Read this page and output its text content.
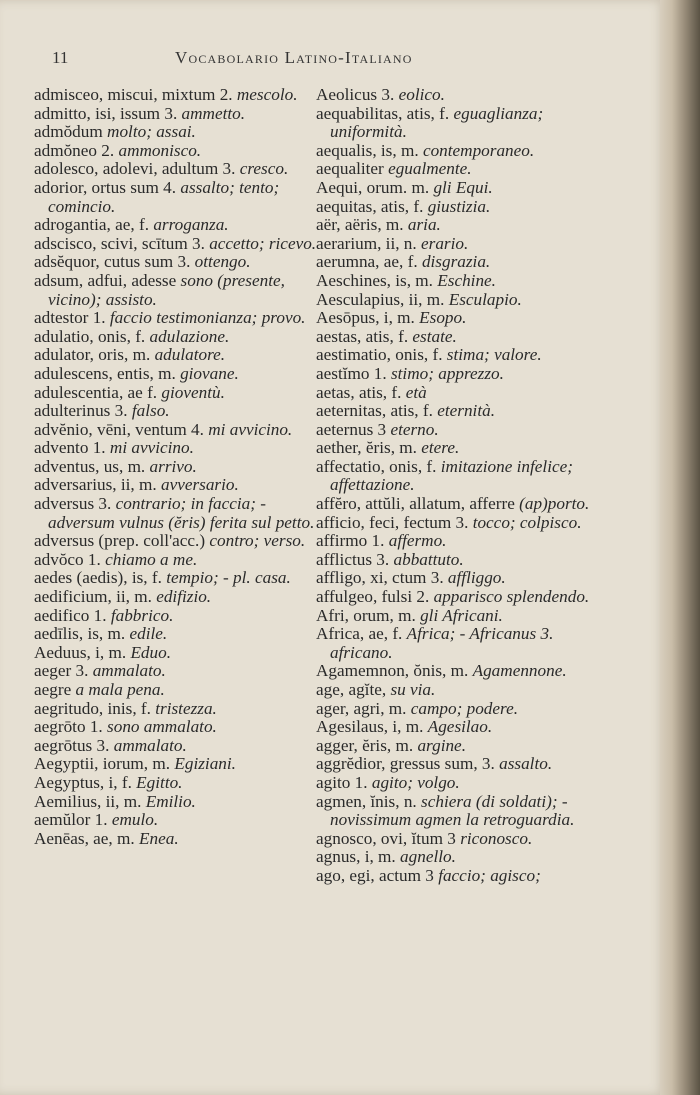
11	Vocabolario Latino-Italiano
admisceo, miscui, mixtum 2. mescolo.
admitto, isi, issum 3. ammetto.
admŏdum molto; assai.
admŏneo 2. ammonisco.
adolesco, adolevi, adultum 3. cresco.
adorior, ortus sum 4. assalto; tento; comincio.
adrogantia, ae, f. arroganza.
adscisco, scivi, scītum 3. accetto; ricevo.
adsĕquor, cutus sum 3. ottengo.
adsum, adfui, adesse sono (presente, vicino); assisto.
adtestor 1. faccio testimonianza; provo.
adulatio, onis, f. adulazione.
adulator, oris, m. adulatore.
adulescens, entis, m. giovane.
adulescentia, ae f. gioventù.
adulterinus 3. falso.
advĕnio, vēni, ventum 4. mi avvicino.
advento 1. mi avvicino.
adventus, us, m. arrivo.
adversarius, ii, m. avversario.
adversus 3. contrario; in faccia; - adversum vulnus (ĕris) ferita sul petto.
adversus (prep. coll'acc.) contro; verso.
advŏco 1. chiamo a me.
aedes (aedis), is, f. tempio; - pl. casa.
aedificium, ii, m. edifizio.
aedifico 1. fabbrico.
aedīlis, is, m. edile.
Aeduus, i, m. Eduo.
aeger 3. ammalato.
aegre a mala pena.
aegritudo, inis, f. tristezza.
aegrōto 1. sono ammalato.
aegrōtus 3. ammalato.
Aegyptii, iorum, m. Egiziani.
Aegyptus, i, f. Egitto.
Aemilius, ii, m. Emilio.
aemŭlor 1. emulo.
Aenēas, ae, m. Enea.
Aeolicus 3. eolico.
aequabilitas, atis, f. eguaglianza; uniformità.
aequalis, is, m. contemporaneo.
aequaliter egualmente.
Aequi, orum. m. gli Equi.
aequitas, atis, f. giustizia.
aër, aëris, m. aria.
aerarium, ii, n. erario.
aerumna, ae, f. disgrazia.
Aeschines, is, m. Eschine.
Aesculapius, ii, m. Esculapio.
Aesōpus, i, m. Esopo.
aestas, atis, f. estate.
aestimatio, onis, f. stima; valore.
aestĭmo 1. stimo; apprezzo.
aetas, atis, f. età
aeternitas, atis, f. eternità.
aeternus 3 eterno.
aether, ĕris, m. etere.
affectatio, onis, f. imitazione infelice; affettazione.
affĕro, attŭli, allatum, afferre (ap)porto.
afficio, feci, fectum 3. tocco; colpisco.
affirmo 1. affermo.
afflictus 3. abbattuto.
affligo, xi, ctum 3. affliggo.
affulgeo, fulsi 2. apparisco splendendo.
Afri, orum, m. gli Africani.
Africa, ae, f. Africa; - Africanus 3. africano.
Agamemnon, ŏnis, m. Agamennone.
age, agĭte, su via.
ager, agri, m. campo; podere.
Agesilaus, i, m. Agesilao.
agger, ĕris, m. argine.
aggrĕdior, gressus sum, 3. assalto.
agito 1. agito; volgo.
agmen, ĭnis, n. schiera (di soldati); - novissimum agmen la retroguardia.
agnosco, ovi, ĭtum 3 riconosco.
agnus, i, m. agnello.
ago, egi, actum 3 faccio; agisco;
